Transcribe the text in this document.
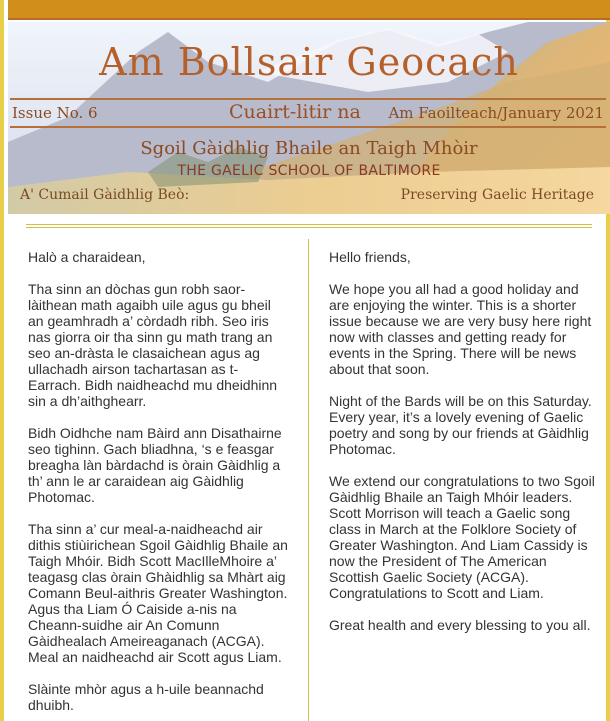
Am Bollsair Geocach
Issue No. 6	Cuairt-litir na Am Faoilteach/January 2021
Sgoil Gàidhlig Bhaile an Taigh Mhòir
THE GAELIC SCHOOL OF BALTIMORE
A' Cumail Gàidhlig Beò:	Preserving Gaelic Heritage

Halò a charaidean,

Tha sinn an dòchas gun robh saor-làithean math agaibh uile agus gu bheil an geamhradh a’ còrdadh ribh. Seo iris nas giorra oir tha sinn gu math trang an seo an-dràsta le clasaichean agus ag ullachadh airson tachartasan as t-Earrach. Bidh naidheachd mu dheidhinn sin a dh’aithghearr.

Bidh Oidhche nam Bàird ann Disathairne seo tighinn. Gach bliadhna, ‘s e feasgar breagha làn bàrdachd is òrain Gàidhlig a th’ ann le ar caraidean aig Gàidhlig Photomac.

Tha sinn a’ cur meal-a-naidheachd air dithis stiùirichean Sgoil Gàidhlig Bhaile an Taigh Mhóir. Bidh Scott MacIlleMhoire a’ teagasg clas òrain Ghàidhlig sa Mhàrt aig Comann Beul-aithris Greater Washington. Agus tha Liam Ó Caiside a-nis na Cheann-suidhe air An Comunn Gàidhealach Ameireaganach (ACGA). Meal an naidheachd air Scott agus Liam.

Slàinte mhòr agus a h-uile beannachd dhuibh.

Hello friends,

We hope you all had a good holiday and are enjoying the winter. This is a shorter issue because we are very busy here right now with classes and getting ready for events in the Spring. There will be news about that soon.

Night of the Bards will be on this Saturday. Every year, it’s a lovely evening of Gaelic poetry and song by our friends at Gàidhlig Photomac.

We extend our congratulations to two Sgoil Gàidhlig Bhaile an Taigh Mhóir leaders. Scott Morrison will teach a Gaelic song class in March at the Folklore Society of Greater Washington. And Liam Cassidy is now the President of The American Scottish Gaelic Society (ACGA). Congratulations to Scott and Liam.

Great health and every blessing to you all.
